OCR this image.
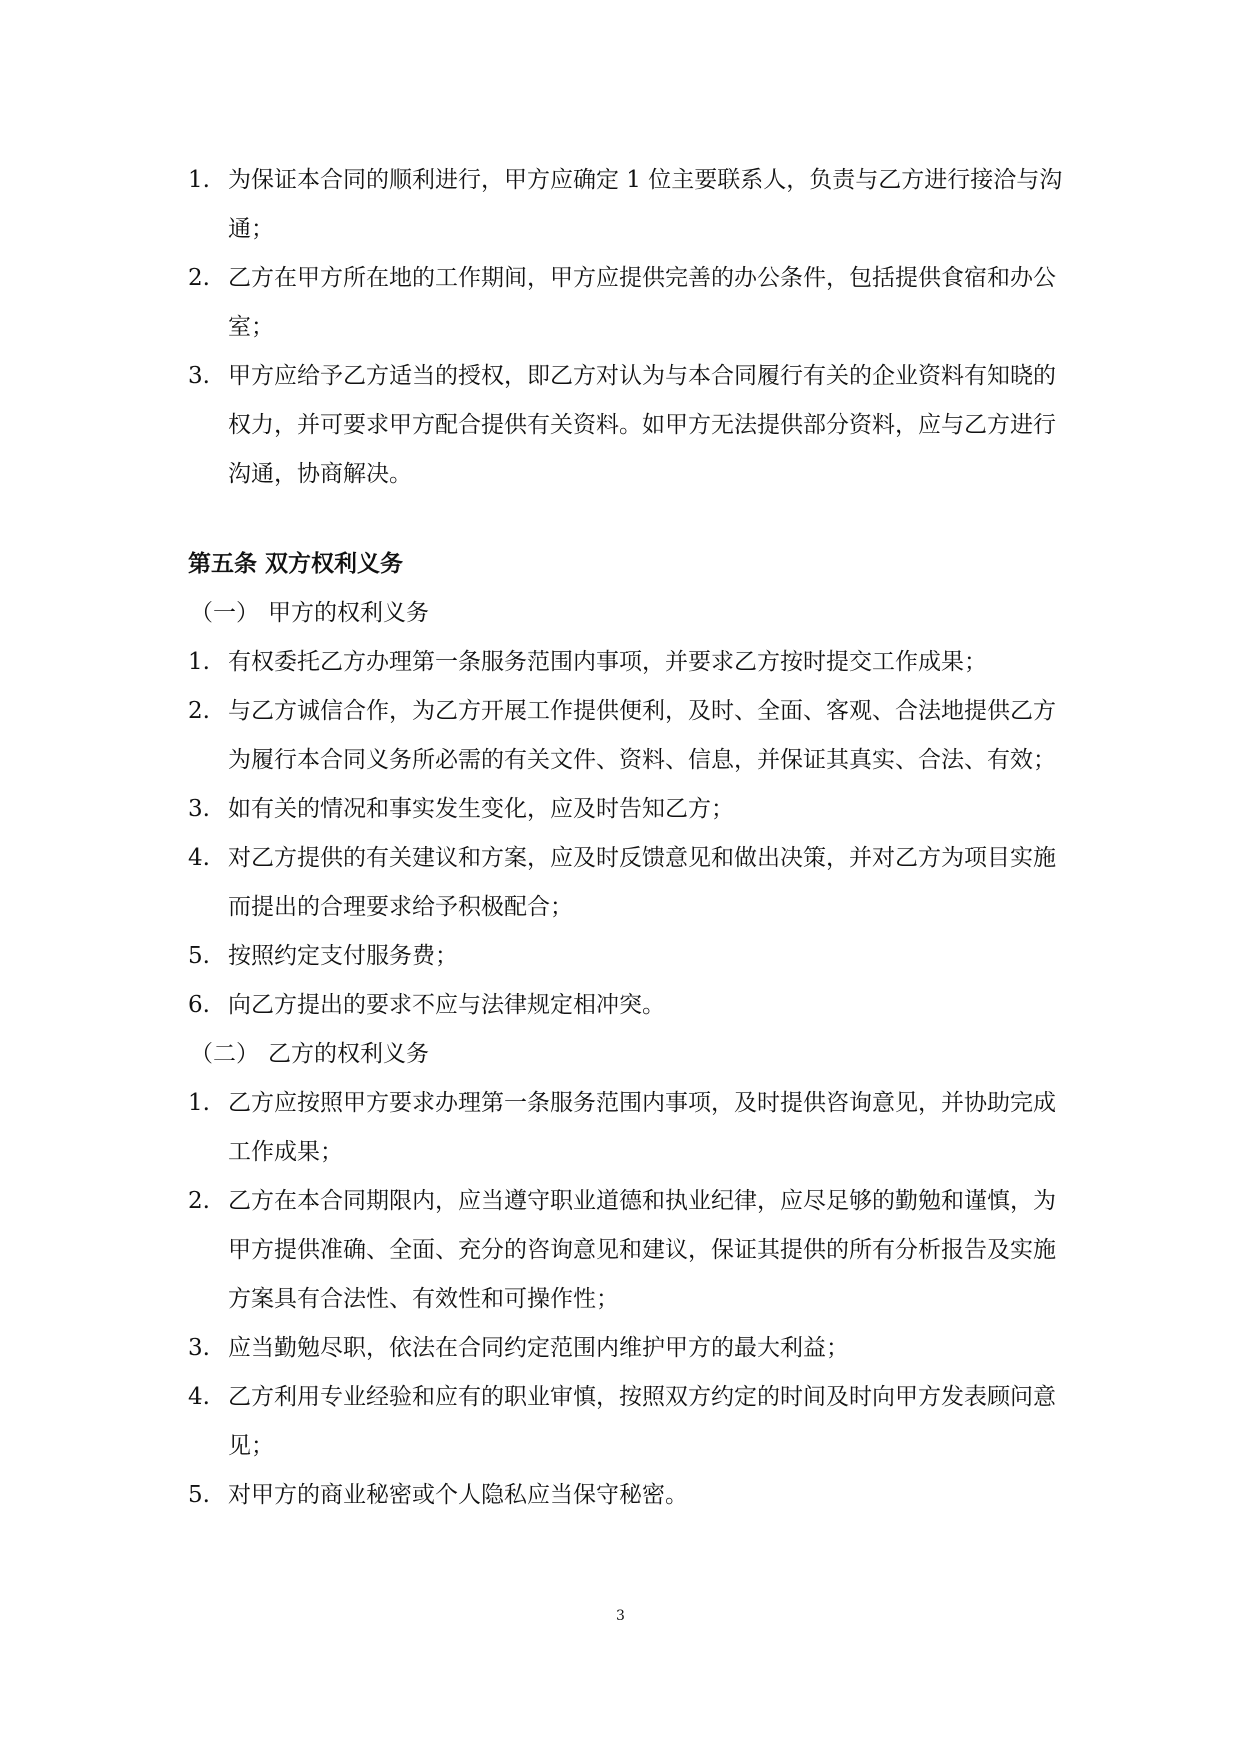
1. 为保证本合同的顺利进行，甲方应确定 1 位主要联系人，负责与乙方进行接洽与沟通；
2. 乙方在甲方所在地的工作期间，甲方应提供完善的办公条件，包括提供食宿和办公室；
3. 甲方应给予乙方适当的授权，即乙方对认为与本合同履行有关的企业资料有知晓的权力，并可要求甲方配合提供有关资料。如甲方无法提供部分资料，应与乙方进行沟通，协商解决。
第五条 双方权利义务
（一） 甲方的权利义务
1. 有权委托乙方办理第一条服务范围内事项，并要求乙方按时提交工作成果；
2. 与乙方诚信合作，为乙方开展工作提供便利，及时、全面、客观、合法地提供乙方为履行本合同义务所必需的有关文件、资料、信息，并保证其真实、合法、有效；
3. 如有关的情况和事实发生变化，应及时告知乙方；
4. 对乙方提供的有关建议和方案，应及时反馈意见和做出决策，并对乙方为项目实施而提出的合理要求给予积极配合；
5. 按照约定支付服务费；
6. 向乙方提出的要求不应与法律规定相冲突。
（二） 乙方的权利义务
1. 乙方应按照甲方要求办理第一条服务范围内事项，及时提供咨询意见，并协助完成工作成果；
2. 乙方在本合同期限内，应当遵守职业道德和执业纪律，应尽足够的勤勉和谨慎，为甲方提供准确、全面、充分的咨询意见和建议，保证其提供的所有分析报告及实施方案具有合法性、有效性和可操作性；
3. 应当勤勉尽职，依法在合同约定范围内维护甲方的最大利益；
4. 乙方利用专业经验和应有的职业审慎，按照双方约定的时间及时向甲方发表顾问意见；
5. 对甲方的商业秘密或个人隐私应当保守秘密。
3
